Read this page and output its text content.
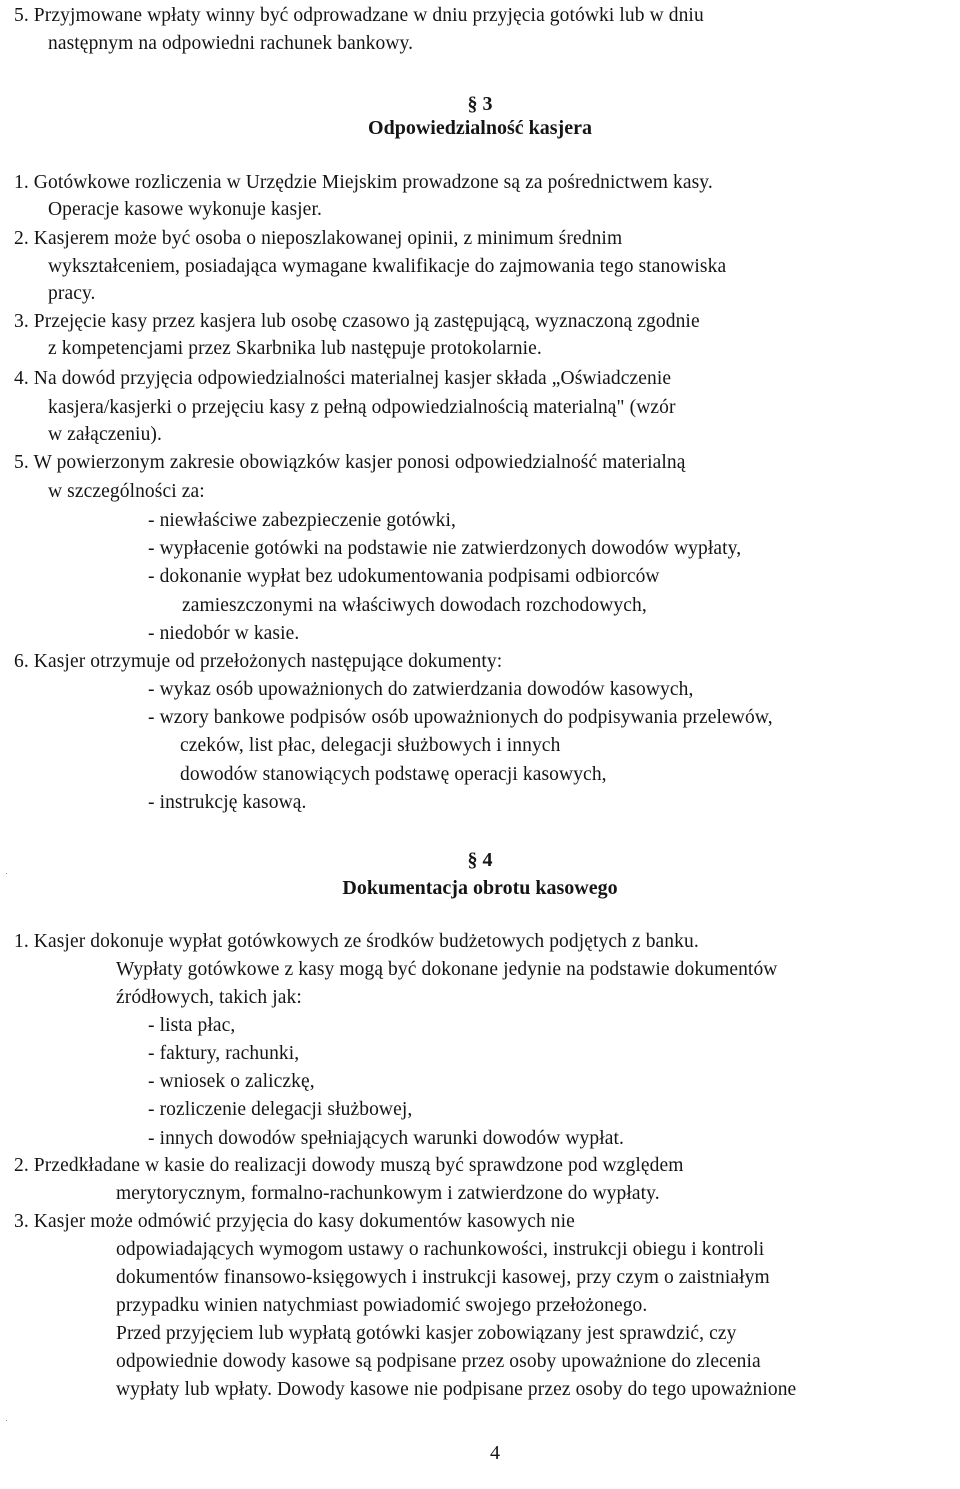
5. Przyjmowane wpłaty winny być odprowadzane w dniu przyjęcia gotówki lub w dniu
następnym na odpowiedni rachunek bankowy.
§ 3
Odpowiedzialność kasjera
1. Gotówkowe rozliczenia w Urzędzie Miejskim prowadzone są za pośrednictwem kasy.
Operacje kasowe wykonuje kasjer.
2. Kasjerem może być osoba o nieposzlakowanej opinii, z minimum średnim
wykształceniem, posiadająca wymagane kwalifikacje do zajmowania tego stanowiska
pracy.
3. Przejęcie kasy przez kasjera lub osobę czasowo ją zastępującą, wyznaczoną zgodnie
z kompetencjami przez Skarbnika lub następuje protokolarnie.
4. Na dowód przyjęcia odpowiedzialności materialnej kasjer składa „Oświadczenie
kasjera/kasjerki o przejęciu kasy z pełną odpowiedzialnością materialną" (wzór
w załączeniu).
5. W powierzonym zakresie obowiązków kasjer ponosi odpowiedzialność materialną
w szczególności za:
- niewłaściwe zabezpieczenie gotówki,
- wypłacenie gotówki na podstawie nie zatwierdzonych dowodów wypłaty,
- dokonanie wypłat bez udokumentowania podpisami odbiorców
zamieszczonymi na właściwych dowodach rozchodowych,
- niedobór w kasie.
6. Kasjer otrzymuje od przełożonych następujące dokumenty:
- wykaz osób upoważnionych do zatwierdzania dowodów kasowych,
- wzory bankowe podpisów osób upoważnionych do podpisywania przelewów,
czeków, list płac, delegacji służbowych i innych
dowodów stanowiących podstawę operacji kasowych,
- instrukcję kasową.
§ 4
Dokumentacja obrotu kasowego
1. Kasjer dokonuje wypłat gotówkowych ze środków budżetowych podjętych z banku.
Wypłaty gotówkowe z kasy mogą być dokonane jedynie na podstawie dokumentów
źródłowych, takich jak:
- lista płac,
- faktury, rachunki,
- wniosek o zaliczkę,
- rozliczenie delegacji służbowej,
- innych dowodów spełniających warunki dowodów wypłat.
2. Przedkładane w kasie do realizacji dowody muszą być sprawdzone pod względem
merytorycznym, formalno-rachunkowym i zatwierdzone do wypłaty.
3. Kasjer może odmówić przyjęcia do kasy dokumentów kasowych nie
odpowiadających wymogom ustawy o rachunkowości, instrukcji obiegu i kontroli
dokumentów finansowo-księgowych i instrukcji kasowej, przy czym o zaistniałym
przypadku winien natychmiast powiadomić swojego przełożonego.
Przed przyjęciem lub wypłatą gotówki kasjer zobowiązany jest sprawdzić, czy
odpowiednie dowody kasowe są podpisane przez osoby upoważnione do zlecenia
wypłaty lub wpłaty. Dowody kasowe nie podpisane przez osoby do tego upoważnione
4
